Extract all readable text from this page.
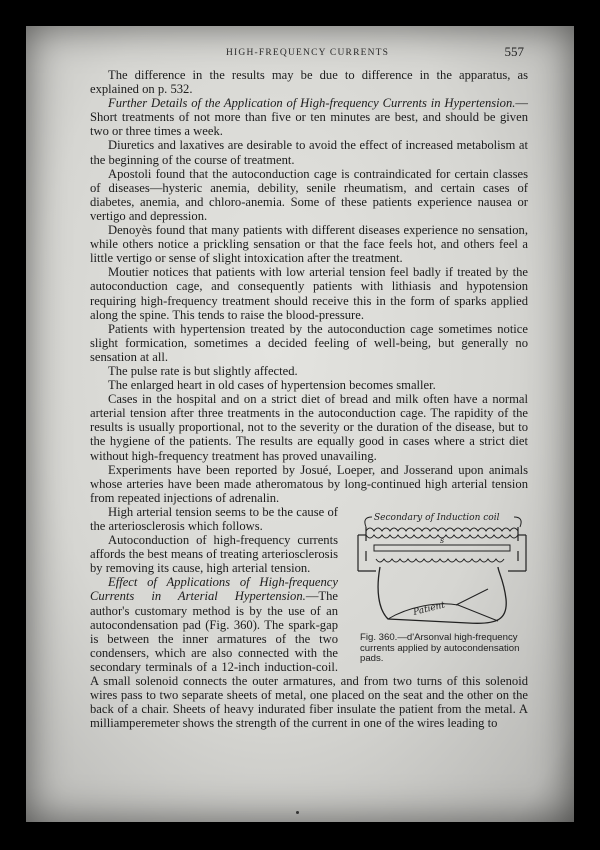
HIGH-FREQUENCY CURRENTS	557

The difference in the results may be due to difference in the apparatus, as explained on p. 532.

Further Details of the Application of High-frequency Currents in Hypertension.—Short treatments of not more than five or ten minutes are best, and should be given two or three times a week.

Diuretics and laxatives are desirable to avoid the effect of increased metabolism at the beginning of the course of treatment.

Apostoli found that the autoconduction cage is contraindicated for certain classes of diseases—hysteric anemia, debility, senile rheumatism, and certain cases of diabetes, anemia, and chloro-anemia. Some of these patients experience nausea or vertigo and depression.

Denoyès found that many patients with different diseases experience no sensation, while others notice a prickling sensation or that the face feels hot, and others feel a little vertigo or sense of slight intoxication after the treatment.

Moutier notices that patients with low arterial tension feel badly if treated by the autoconduction cage, and consequently patients with lithiasis and hypotension requiring high-frequency treatment should receive this in the form of sparks applied along the spine. This tends to raise the blood-pressure.

Patients with hypertension treated by the autoconduction cage sometimes notice slight formication, sometimes a decided feeling of well-being, but generally no sensation at all.

The pulse rate is but slightly affected.

The enlarged heart in old cases of hypertension becomes smaller.

Cases in the hospital and on a strict diet of bread and milk often have a normal arterial tension after three treatments in the autoconduction cage. The rapidity of the results is usually proportional, not to the severity or the duration of the disease, but to the hygiene of the patients. The results are equally good in cases where a strict diet without high-frequency treatment has proved unavailing.

Experiments have been reported by Josué, Loeper, and Josserand upon animals whose arteries have been made atheromatous by long-continued high arterial tension from repeated injections of adrenalin.

Secondary of Induction coil
s
Patient
Fig. 360.—d'Arsonval high-frequency currents applied by autocondensation pads.

High arterial tension seems to be the cause of the arteriosclerosis which follows.

Autoconduction of high-frequency currents affords the best means of treating arteriosclerosis by removing its cause, high arterial tension.

Effect of Applications of High-frequency Currents in Arterial Hypertension.—The author's customary method is by the use of an autocondensation pad (Fig. 360). The spark-gap is between the inner armatures of the two condensers, which are also connected with the secondary terminals of a 12-inch induction-coil. A small solenoid connects the outer armatures, and from two turns of this solenoid wires pass to two separate sheets of metal, one placed on the seat and the other on the back of a chair. Sheets of heavy indurated fiber insulate the patient from the metal. A milliamperemeter shows the strength of the current in one of the wires leading to
